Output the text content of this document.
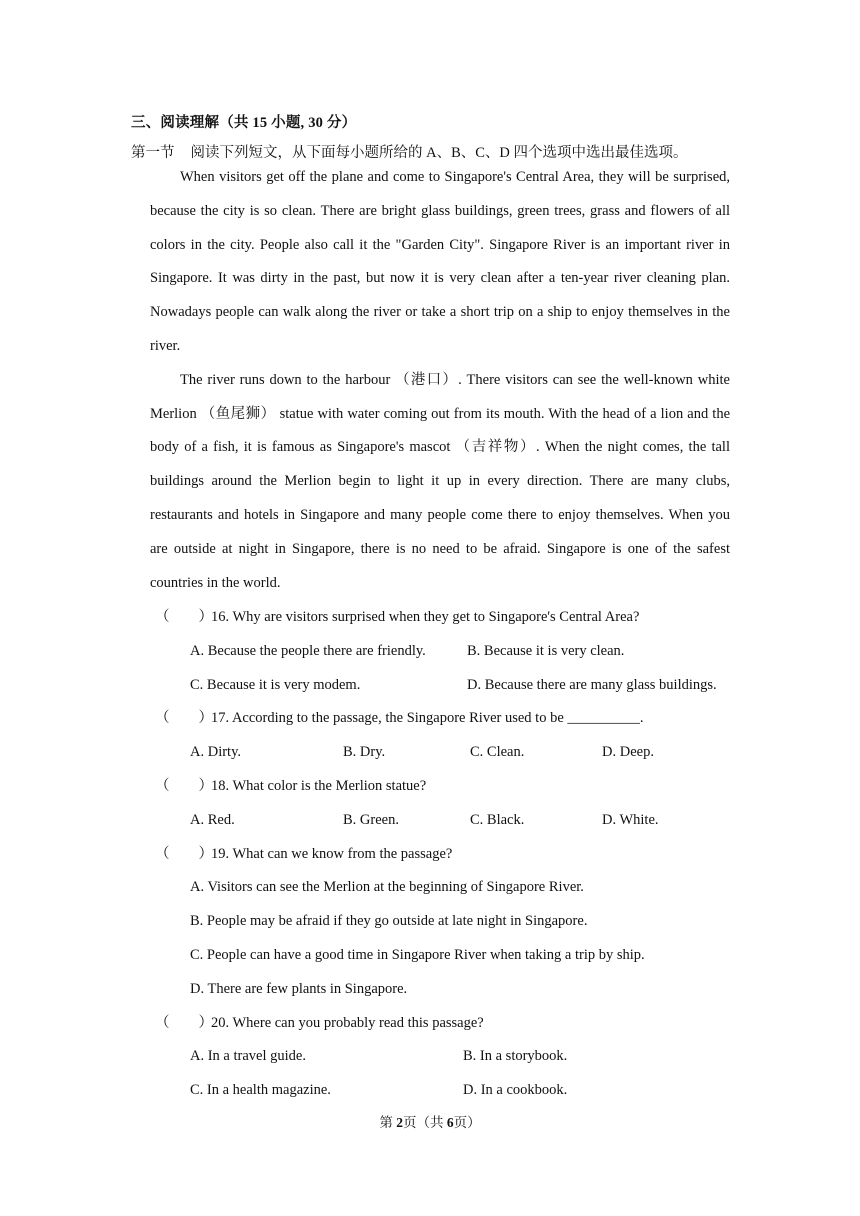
三、阅读理解（共 15 小题, 30 分）
第一节 阅读下列短文，从下面每小题所给的 A、B、C、D 四个选项中选出最佳选项。

When visitors get off the plane and come to Singapore's Central Area, they will be surprised, because the city is so clean. There are bright glass buildings, green trees, grass and flowers of all colors in the city. People also call it the "Garden City". Singapore River is an important river in Singapore. It was dirty in the past, but now it is very clean after a ten-year river cleaning plan. Nowadays people can walk along the river or take a short trip on a ship to enjoy themselves in the river.

The river runs down to the harbour （港口）. There visitors can see the well-known white Merlion （鱼尾狮） statue with water coming out from its mouth. With the head of a lion and the body of a fish, it is famous as Singapore's mascot （吉祥物）. When the night comes, the tall buildings around the Merlion begin to light it up in every direction. There are many clubs, restaurants and hotels in Singapore and many people come there to enjoy themselves. When you are outside at night in Singapore, there is no need to be afraid. Singapore is one of the safest countries in the world.

（　　）16. Why are visitors surprised when they get to Singapore's Central Area?
A. Because the people there are friendly.	B. Because it is very clean.
C. Because it is very modem.	D. Because there are many glass buildings.
（　　）17. According to the passage, the Singapore River used to be __________.
A. Dirty.	B. Dry.	C. Clean.	D. Deep.
（　　）18. What color is the Merlion statue?
A. Red.	B. Green.	C. Black.	D. White.
（　　）19. What can we know from the passage?
A. Visitors can see the Merlion at the beginning of Singapore River.
B. People may be afraid if they go outside at late night in Singapore.
C. People can have a good time in Singapore River when taking a trip by ship.
D. There are few plants in Singapore.
（　　）20. Where can you probably read this passage?
A. In a travel guide.	B. In a storybook.
C. In a health magazine.	D. In a cookbook.
第 2页（共 6页）
